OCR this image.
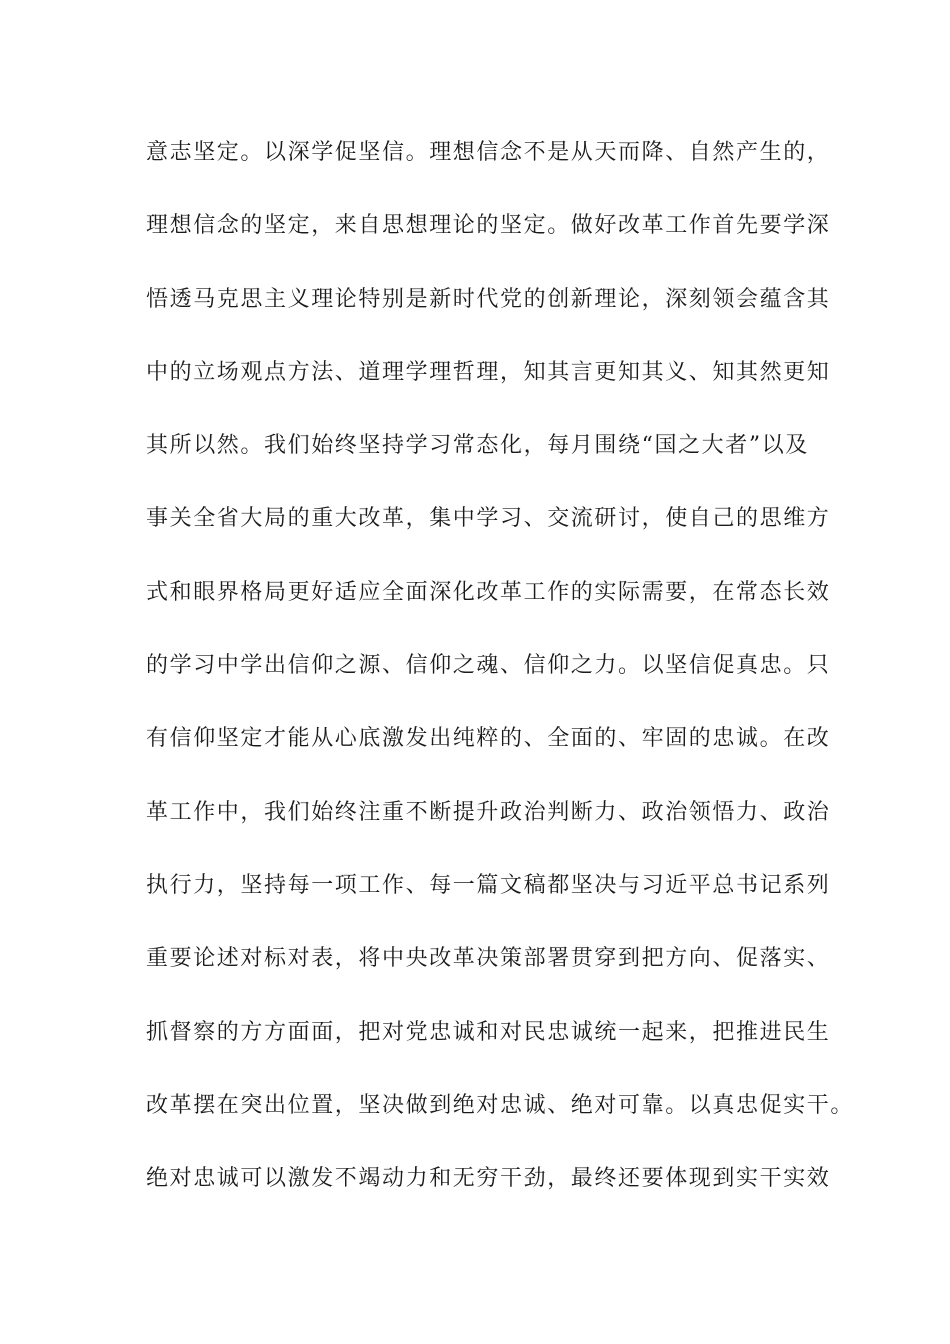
意志坚定。以深学促坚信。理想信念不是从天而降、自然产生的，
理想信念的坚定，来自思想理论的坚定。做好改革工作首先要学深
悟透马克思主义理论特别是新时代党的创新理论，深刻领会蕴含其
中的立场观点方法、道理学理哲理，知其言更知其义、知其然更知
其所以然。我们始终坚持学习常态化，每月围绕“国之大者”以及
事关全省大局的重大改革，集中学习、交流研讨，使自己的思维方
式和眼界格局更好适应全面深化改革工作的实际需要，在常态长效
的学习中学出信仰之源、信仰之魂、信仰之力。以坚信促真忠。只
有信仰坚定才能从心底激发出纯粹的、全面的、牢固的忠诚。在改
革工作中，我们始终注重不断提升政治判断力、政治领悟力、政治
执行力，坚持每一项工作、每一篇文稿都坚决与习近平总书记系列
重要论述对标对表，将中央改革决策部署贯穿到把方向、促落实、
抓督察的方方面面，把对党忠诚和对民忠诚统一起来，把推进民生
改革摆在突出位置，坚决做到绝对忠诚、绝对可靠。以真忠促实干。
绝对忠诚可以激发不竭动力和无穷干劲，最终还要体现到实干实效
